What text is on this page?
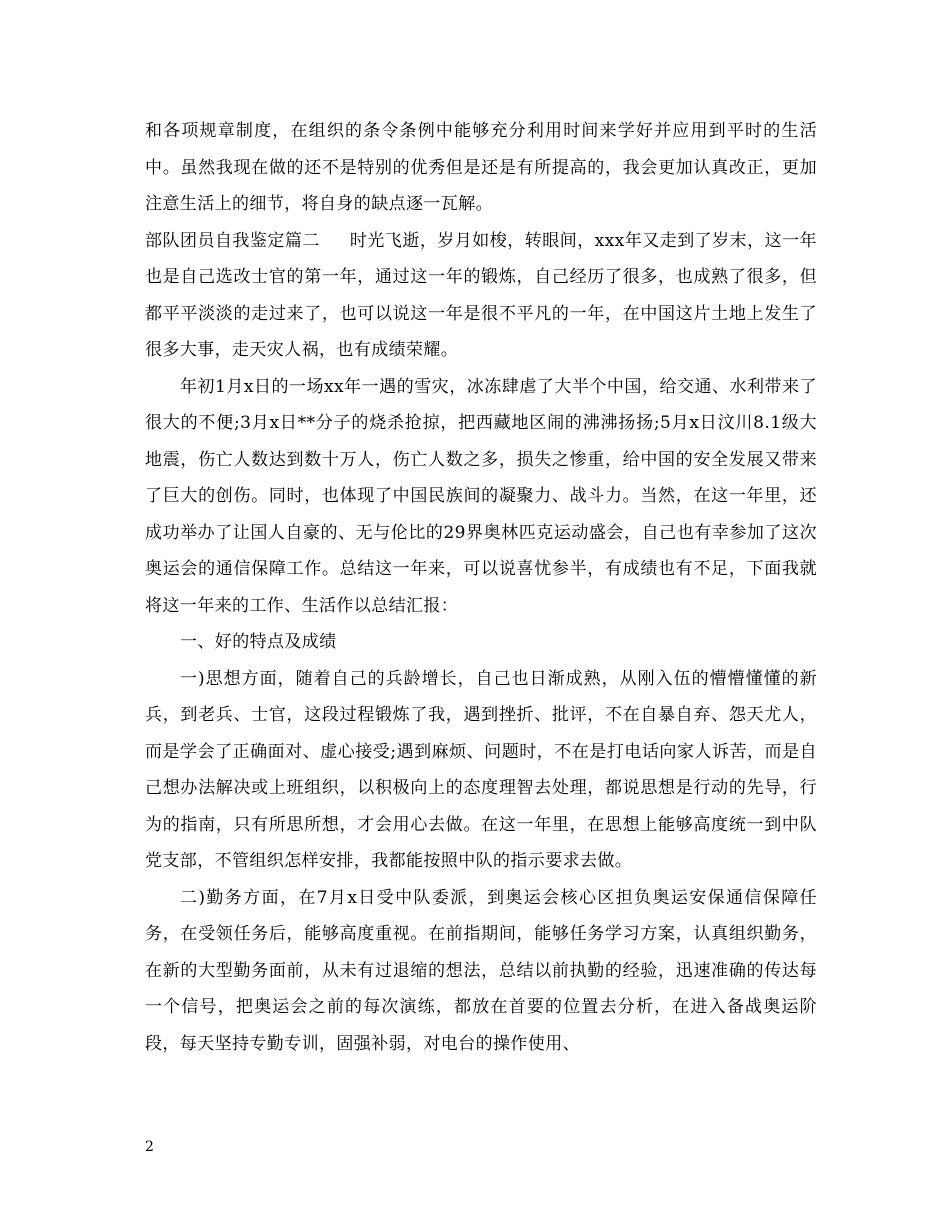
和各项规章制度，在组织的条令条例中能够充分利用时间来学好并应用到平时的生活中。虽然我现在做的还不是特别的优秀但是还是有所提高的，我会更加认真改正，更加注意生活上的细节，将自身的缺点逐一瓦解。

部队团员自我鉴定篇二 时光飞逝，岁月如梭，转眼间，xxx年又走到了岁末，这一年也是自己选改士官的第一年，通过这一年的锻炼，自己经历了很多，也成熟了很多，但都平平淡淡的走过来了，也可以说这一年是很不平凡的一年，在中国这片土地上发生了很多大事，走天灾人祸，也有成绩荣耀。

年初1月x日的一场xx年一遇的雪灾，冰冻肆虐了大半个中国，给交通、水利带来了很大的不便;3月x日**分子的烧杀抢掠，把西藏地区闹的沸沸扬扬;5月x日汶川8.1级大地震，伤亡人数达到数十万人，伤亡人数之多，损失之惨重，给中国的安全发展又带来了巨大的创伤。同时，也体现了中国民族间的凝聚力、战斗力。当然，在这一年里，还成功举办了让国人自豪的、无与伦比的29界奥林匹克运动盛会，自己也有幸参加了这次奥运会的通信保障工作。总结这一年来，可以说喜忧参半，有成绩也有不足，下面我就将这一年来的工作、生活作以总结汇报：

一、好的特点及成绩

一)思想方面，随着自己的兵龄增长，自己也日渐成熟，从刚入伍的懵懵懂懂的新兵，到老兵、士官，这段过程锻炼了我，遇到挫折、批评，不在自暴自弃、怨天尤人，而是学会了正确面对、虚心接受;遇到麻烦、问题时，不在是打电话向家人诉苦，而是自己想办法解决或上班组织，以积极向上的态度理智去处理，都说思想是行动的先导，行为的指南，只有所思所想，才会用心去做。在这一年里，在思想上能够高度统一到中队党支部，不管组织怎样安排，我都能按照中队的指示要求去做。

二)勤务方面，在7月x日受中队委派，到奥运会核心区担负奥运安保通信保障任务，在受领任务后，能够高度重视。在前指期间，能够任务学习方案，认真组织勤务，在新的大型勤务面前，从未有过退缩的想法，总结以前执勤的经验，迅速准确的传达每一个信号，把奥运会之前的每次演练，都放在首要的位置去分析，在进入备战奥运阶段，每天坚持专勤专训，固强补弱，对电台的操作使用、

2
